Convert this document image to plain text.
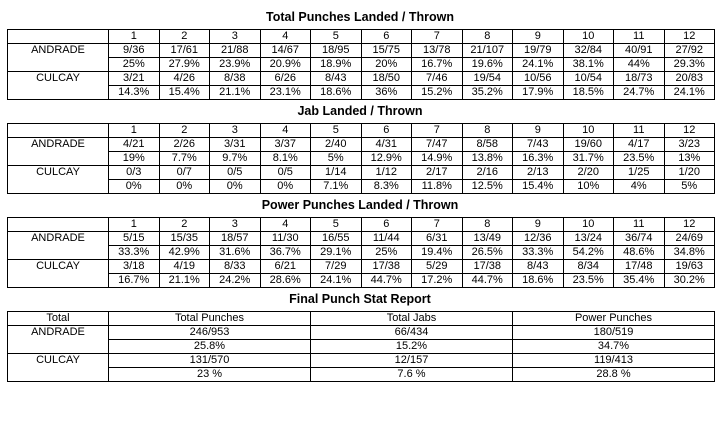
Total Punches Landed / Thrown
	1	2	3	4	5	6	7	8	9	10	11	12
ANDRADE	9/36	17/61	21/88	14/67	18/95	15/75	13/78	21/107	19/79	32/84	40/91	27/92
	25%	27.9%	23.9%	20.9%	18.9%	20%	16.7%	19.6%	24.1%	38.1%	44%	29.3%
CULCAY	3/21	4/26	8/38	6/26	8/43	18/50	7/46	19/54	10/56	10/54	18/73	20/83
	14.3%	15.4%	21.1%	23.1%	18.6%	36%	15.2%	35.2%	17.9%	18.5%	24.7%	24.1%
Jab Landed / Thrown
	1	2	3	4	5	6	7	8	9	10	11	12
ANDRADE	4/21	2/26	3/31	3/37	2/40	4/31	7/47	8/58	7/43	19/60	4/17	3/23
	19%	7.7%	9.7%	8.1%	5%	12.9%	14.9%	13.8%	16.3%	31.7%	23.5%	13%
CULCAY	0/3	0/7	0/5	0/5	1/14	1/12	2/17	2/16	2/13	2/20	1/25	1/20
	0%	0%	0%	0%	7.1%	8.3%	11.8%	12.5%	15.4%	10%	4%	5%
Power Punches Landed / Thrown
	1	2	3	4	5	6	7	8	9	10	11	12
ANDRADE	5/15	15/35	18/57	11/30	16/55	11/44	6/31	13/49	12/36	13/24	36/74	24/69
	33.3%	42.9%	31.6%	36.7%	29.1%	25%	19.4%	26.5%	33.3%	54.2%	48.6%	34.8%
CULCAY	3/18	4/19	8/33	6/21	7/29	17/38	5/29	17/38	8/43	8/34	17/48	19/63
	16.7%	21.1%	24.2%	28.6%	24.1%	44.7%	17.2%	44.7%	18.6%	23.5%	35.4%	30.2%
Final Punch Stat Report
Total	Total Punches	Total Jabs	Power Punches
ANDRADE	246/953	66/434	180/519
	25.8%	15.2%	34.7%
CULCAY	131/570	12/157	119/413
	23 %	7.6 %	28.8 %
